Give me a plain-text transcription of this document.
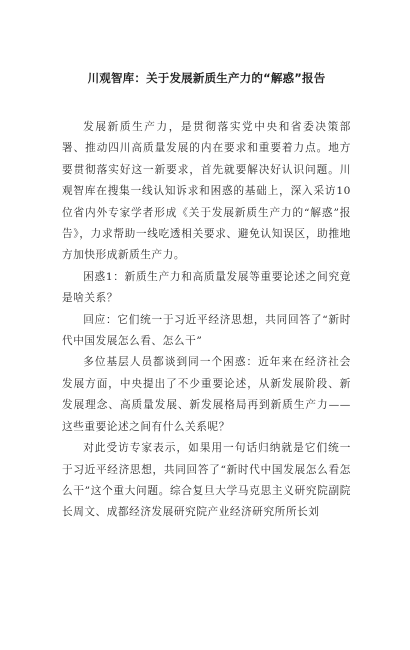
川观智库：关于发展新质生产力的“解惑”报告

发展新质生产力，是贯彻落实党中央和省委决策部署、推动四川高质量发展的内在要求和重要着力点。地方要贯彻落实好这一新要求，首先就要解决好认识问题。川观智库在搜集一线认知诉求和困惑的基础上，深入采访10位省内外专家学者形成《关于发展新质生产力的“解惑”报告》，力求帮助一线吃透相关要求、避免认知误区，助推地方加快形成新质生产力。

困惑1：新质生产力和高质量发展等重要论述之间究竟是啥关系？

回应：它们统一于习近平经济思想，共同回答了“新时代中国发展怎么看、怎么干”

多位基层人员都谈到同一个困惑：近年来在经济社会发展方面，中央提出了不少重要论述，从新发展阶段、新发展理念、高质量发展、新发展格局再到新质生产力——这些重要论述之间有什么关系呢？

对此受访专家表示，如果用一句话归纳就是它们统一于习近平经济思想，共同回答了“新时代中国发展怎么看怎么干”这个重大问题。综合复旦大学马克思主义研究院副院长周文、成都经济发展研究院产业经济研究所所长刘
